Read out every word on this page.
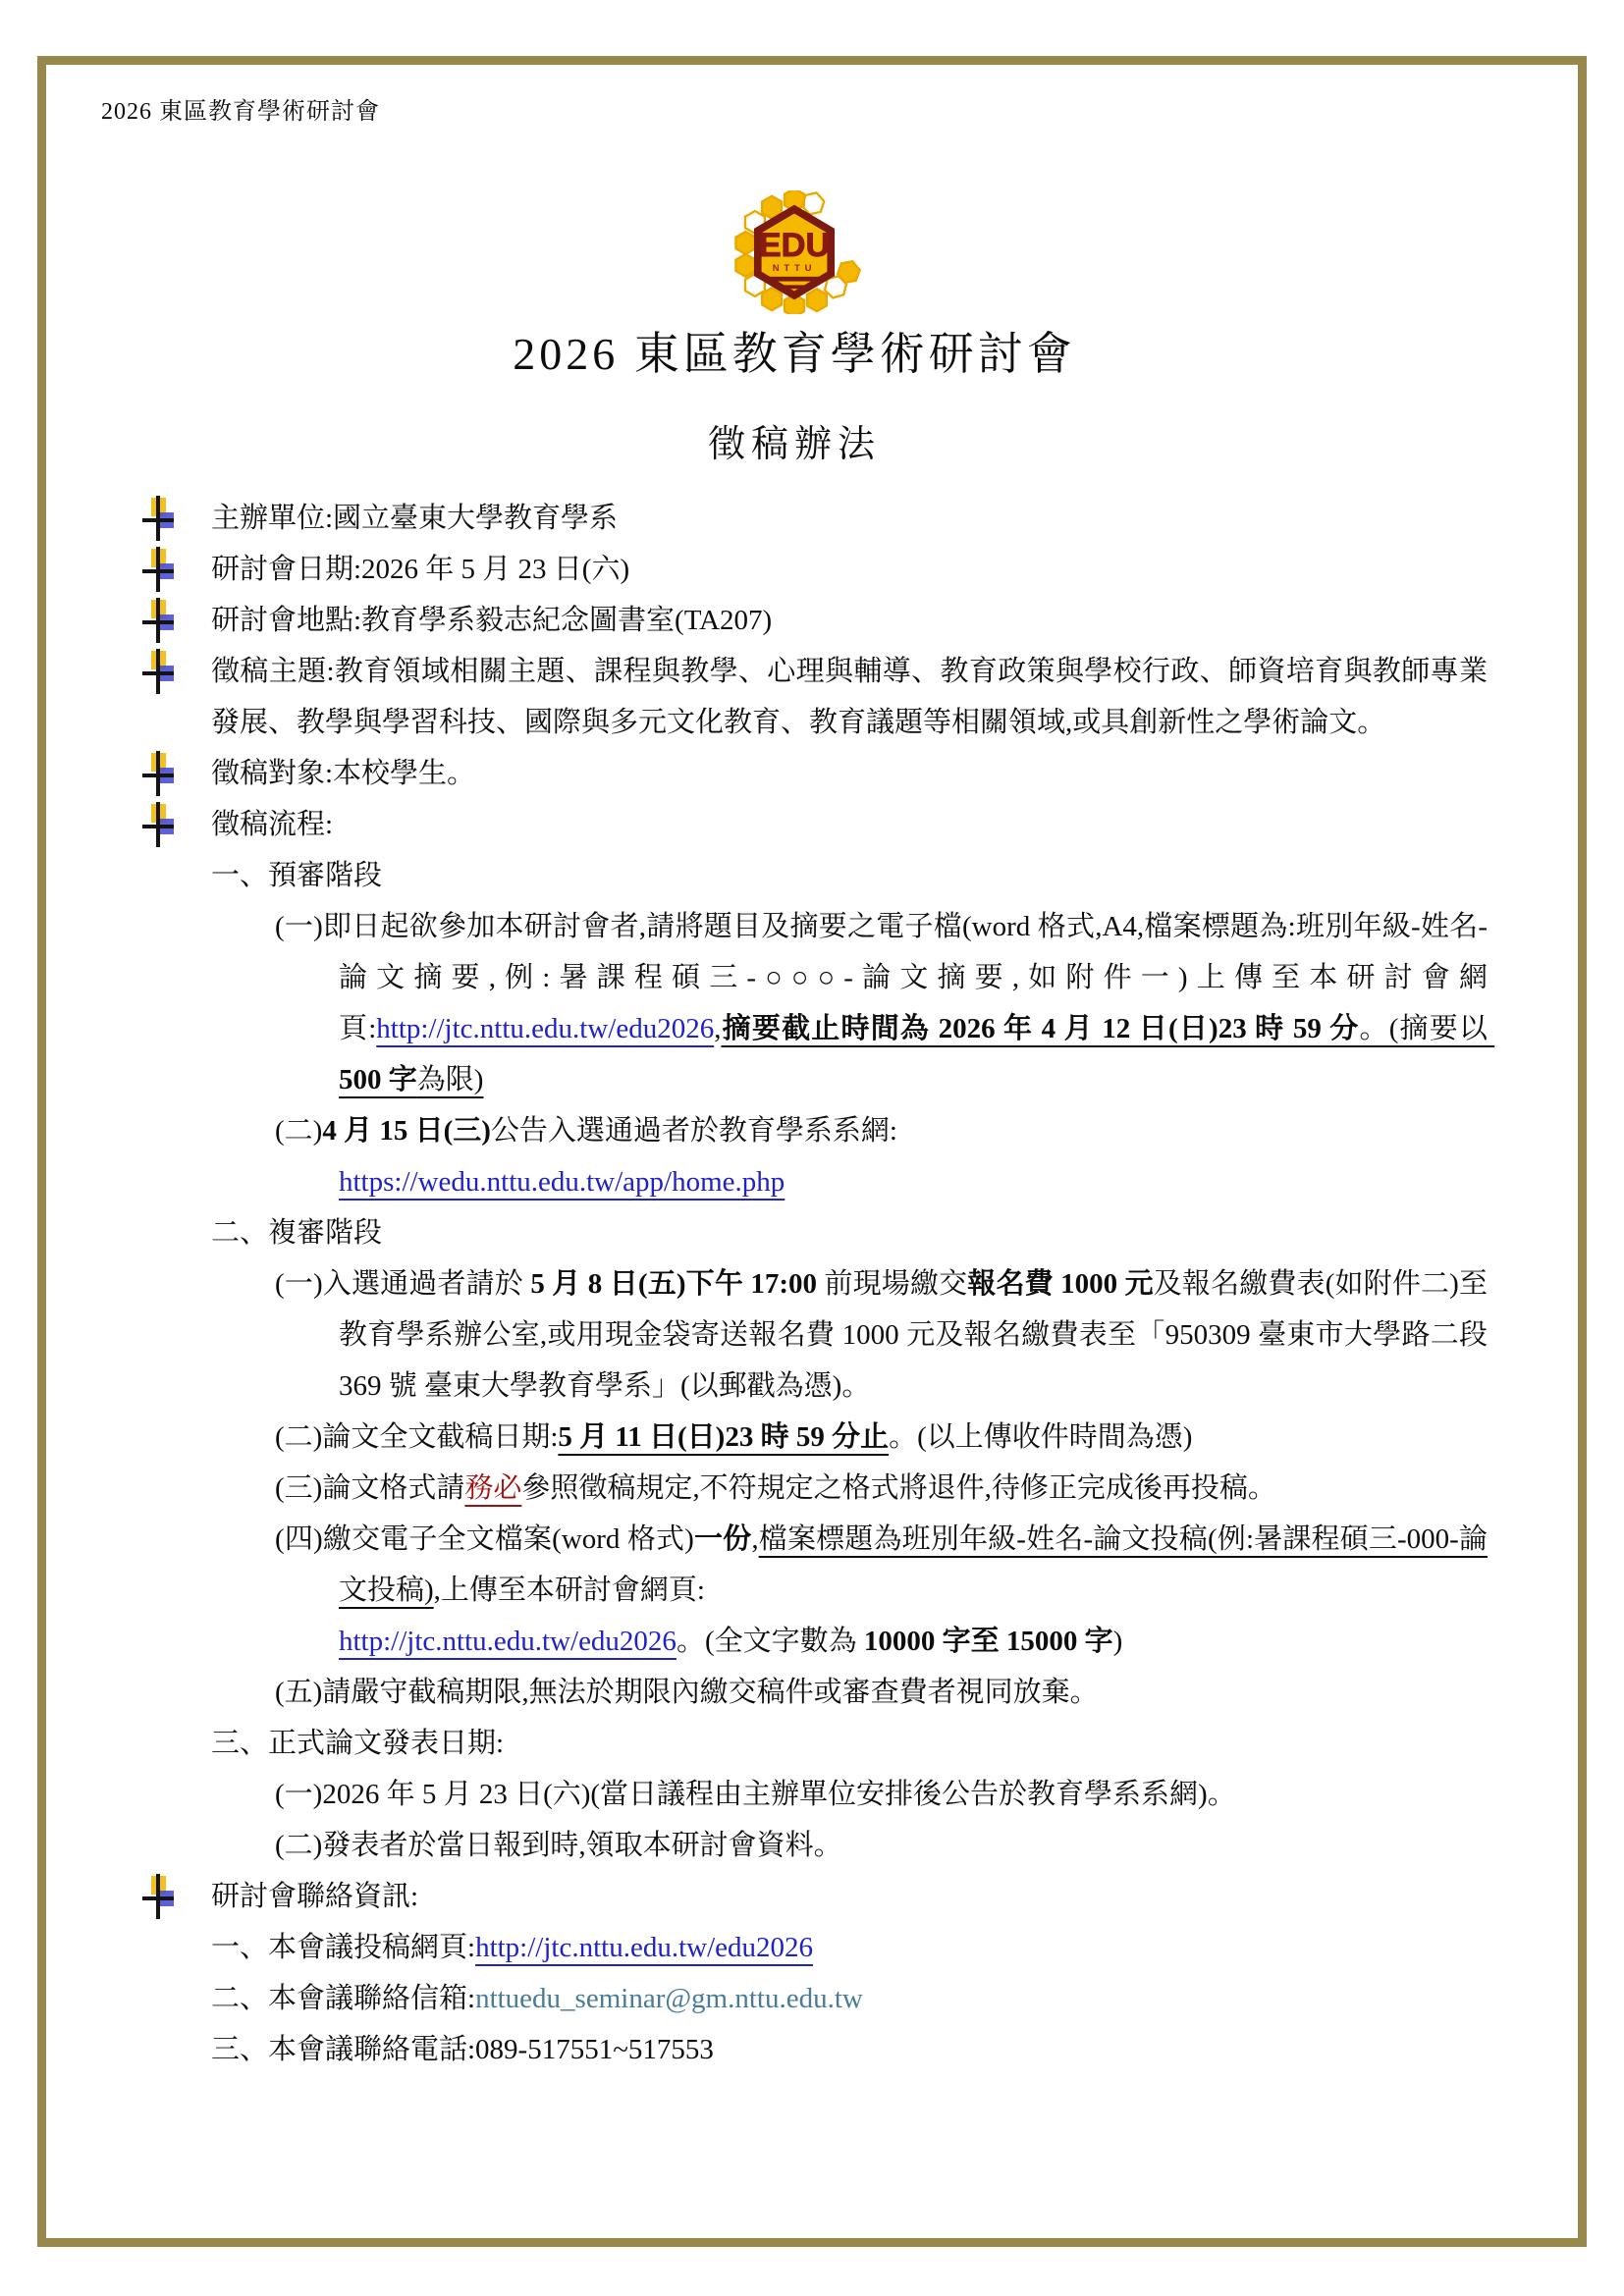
2026 東區教育學術研討會
EDU
NTTU
2026 東區教育學術研討會
徵稿辦法
主辦單位:國立臺東大學教育學系
研討會日期:2026 年 5 月 23 日(六)
研討會地點:教育學系毅志紀念圖書室(TA207)
徵稿主題:教育領域相關主題、課程與教學、心理與輔導、教育政策與學校行政、師資培育與教師專業發展、教學與學習科技、國際與多元文化教育、教育議題等相關領域,或具創新性之學術論文。
徵稿對象:本校學生。
徵稿流程:
一、預審階段
(一)即日起欲參加本研討會者,請將題目及摘要之電子檔(word 格式,A4,檔案標題為:班別年級-姓名-論文摘要,例:暑課程碩三-○○○-論文摘要,如附件一)上傳至本研討會網頁:http://jtc.nttu.edu.tw/edu2026,摘要截止時間為 2026 年 4 月 12 日(日)23 時 59 分。(摘要以 500 字為限)
(二)4 月 15 日(三)公告入選通過者於教育學系系網:
https://wedu.nttu.edu.tw/app/home.php
二、複審階段
(一)入選通過者請於 5 月 8 日(五)下午 17:00 前現場繳交報名費 1000 元及報名繳費表(如附件二)至教育學系辦公室,或用現金袋寄送報名費 1000 元及報名繳費表至「950309 臺東市大學路二段 369 號 臺東大學教育學系」(以郵戳為憑)。
(二)論文全文截稿日期:5 月 11 日(日)23 時 59 分止。(以上傳收件時間為憑)
(三)論文格式請務必參照徵稿規定,不符規定之格式將退件,待修正完成後再投稿。
(四)繳交電子全文檔案(word 格式)一份,檔案標題為班別年級-姓名-論文投稿(例:暑課程碩三-000-論文投稿),上傳至本研討會網頁:
http://jtc.nttu.edu.tw/edu2026。(全文字數為 10000 字至 15000 字)
(五)請嚴守截稿期限,無法於期限內繳交稿件或審查費者視同放棄。
三、正式論文發表日期:
(一)2026 年 5 月 23 日(六)(當日議程由主辦單位安排後公告於教育學系系網)。
(二)發表者於當日報到時,領取本研討會資料。
研討會聯絡資訊:
一、本會議投稿網頁:http://jtc.nttu.edu.tw/edu2026
二、本會議聯絡信箱:nttuedu_seminar@gm.nttu.edu.tw
三、本會議聯絡電話:089-517551~517553
